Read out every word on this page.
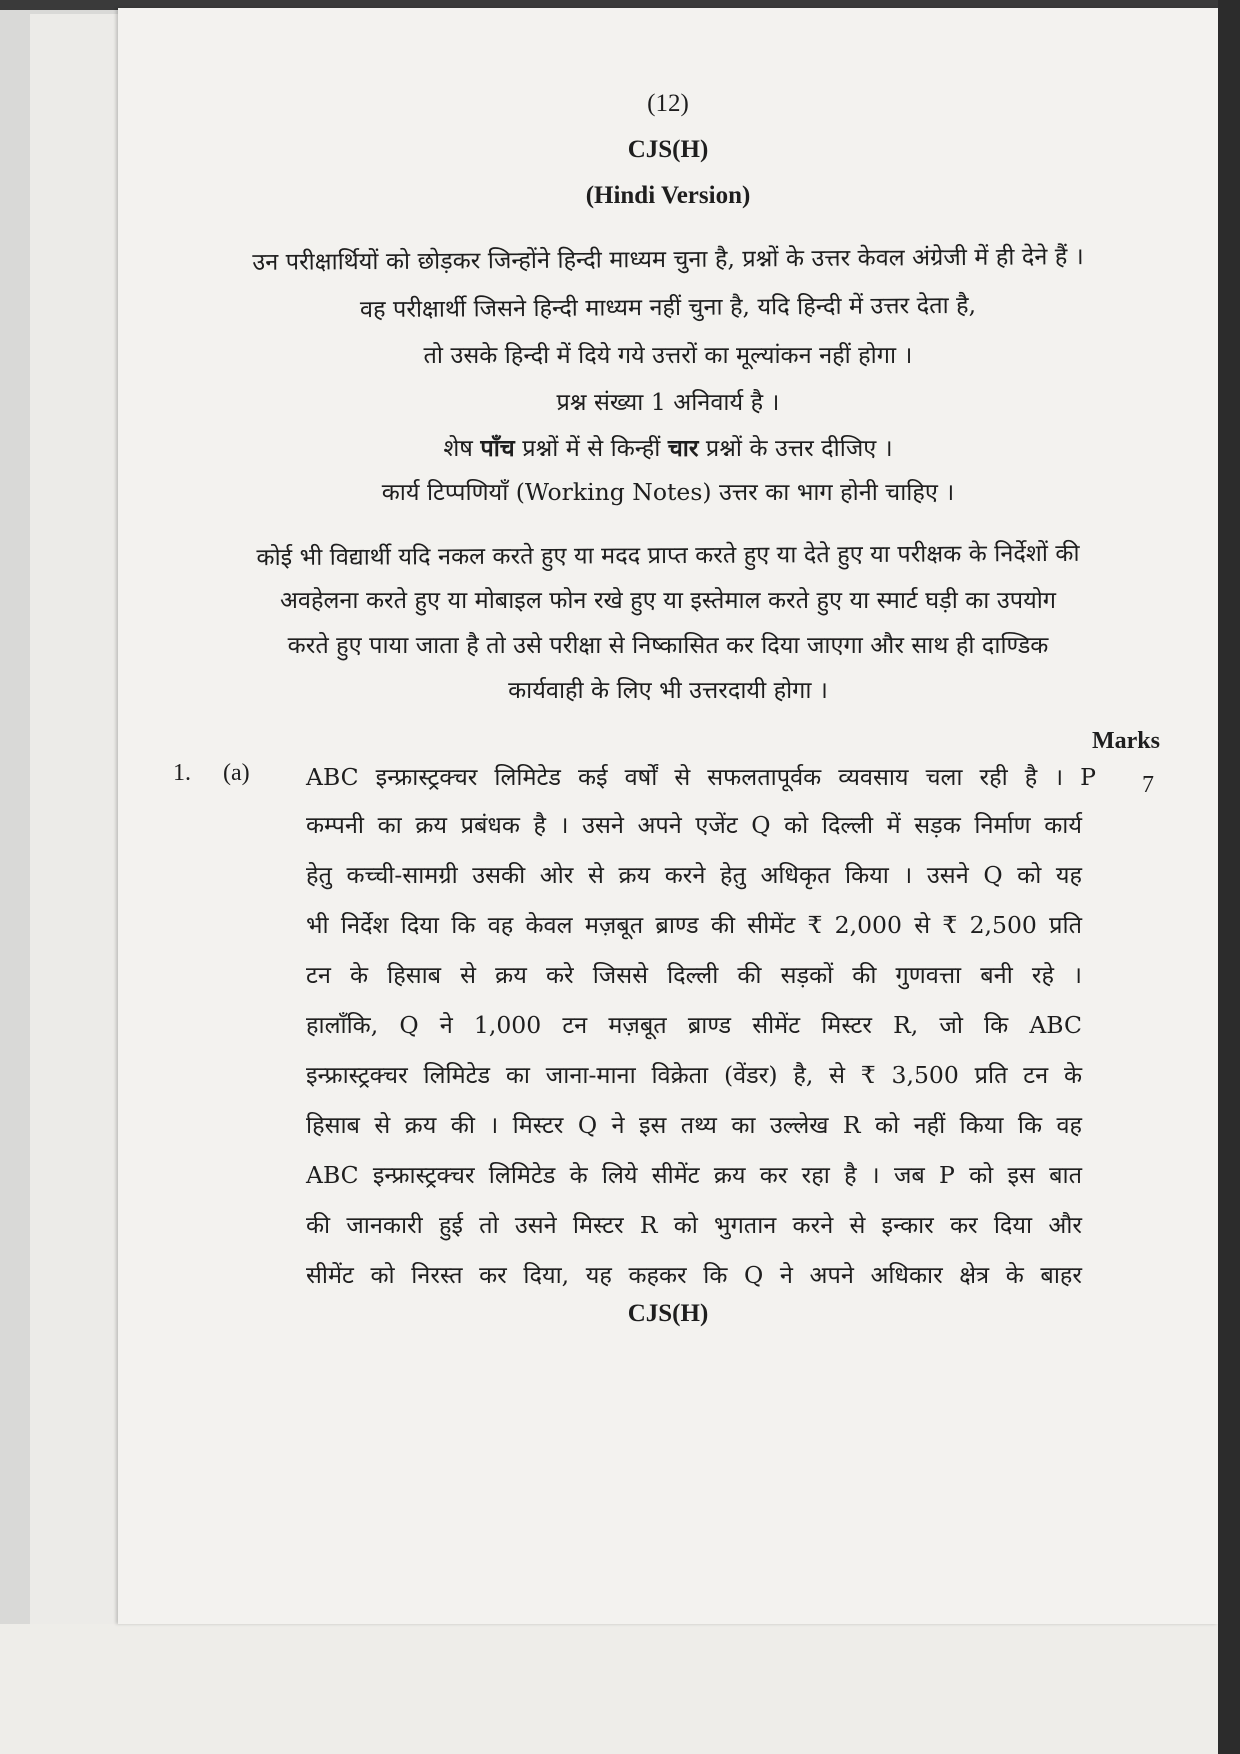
(12)
CJS(H)
(Hindi Version)
उन परीक्षार्थियों को छोड़कर जिन्होंने हिन्दी माध्यम चुना है, प्रश्नों के उत्तर केवल अंग्रेजी में ही देने हैं ।
वह परीक्षार्थी जिसने हिन्दी माध्यम नहीं चुना है, यदि हिन्दी में उत्तर देता है,
तो उसके हिन्दी में दिये गये उत्तरों का मूल्यांकन नहीं होगा ।
प्रश्न संख्या 1 अनिवार्य है ।
शेष पाँच प्रश्नों में से किन्हीं चार प्रश्नों के उत्तर दीजिए ।
कार्य टिप्पणियाँ (Working Notes) उत्तर का भाग होनी चाहिए ।
कोई भी विद्यार्थी यदि नकल करते हुए या मदद प्राप्त करते हुए या देते हुए या परीक्षक के निर्देशों की
अवहेलना करते हुए या मोबाइल फोन रखे हुए या इस्तेमाल करते हुए या स्मार्ट घड़ी का उपयोग
करते हुए पाया जाता है तो उसे परीक्षा से निष्कासित कर दिया जाएगा और साथ ही दाण्डिक
कार्यवाही के लिए भी उत्तरदायी होगा ।
Marks
1. (a)	7
ABC इन्फ्रास्ट्रक्चर लिमिटेड कई वर्षों से सफलतापूर्वक व्यवसाय चला रही है । P
कम्पनी का क्रय प्रबंधक है । उसने अपने एजेंट Q को दिल्ली में सड़क निर्माण कार्य
हेतु कच्ची-सामग्री उसकी ओर से क्रय करने हेतु अधिकृत किया । उसने Q को यह
भी निर्देश दिया कि वह केवल मज़बूत ब्राण्ड की सीमेंट ₹ 2,000 से ₹ 2,500 प्रति
टन के हिसाब से क्रय करे जिससे दिल्ली की सड़कों की गुणवत्ता बनी रहे ।
हालाँकि, Q ने 1,000 टन मज़बूत ब्राण्ड सीमेंट मिस्टर R, जो कि ABC
इन्फ्रास्ट्रक्चर लिमिटेड का जाना-माना विक्रेता (वेंडर) है, से ₹ 3,500 प्रति टन के
हिसाब से क्रय की । मिस्टर Q ने इस तथ्य का उल्लेख R को नहीं किया कि वह
ABC इन्फ्रास्ट्रक्चर लिमिटेड के लिये सीमेंट क्रय कर रहा है । जब P को इस बात
की जानकारी हुई तो उसने मिस्टर R को भुगतान करने से इन्कार कर दिया और
सीमेंट को निरस्त कर दिया, यह कहकर कि Q ने अपने अधिकार क्षेत्र के बाहर
CJS(H)
